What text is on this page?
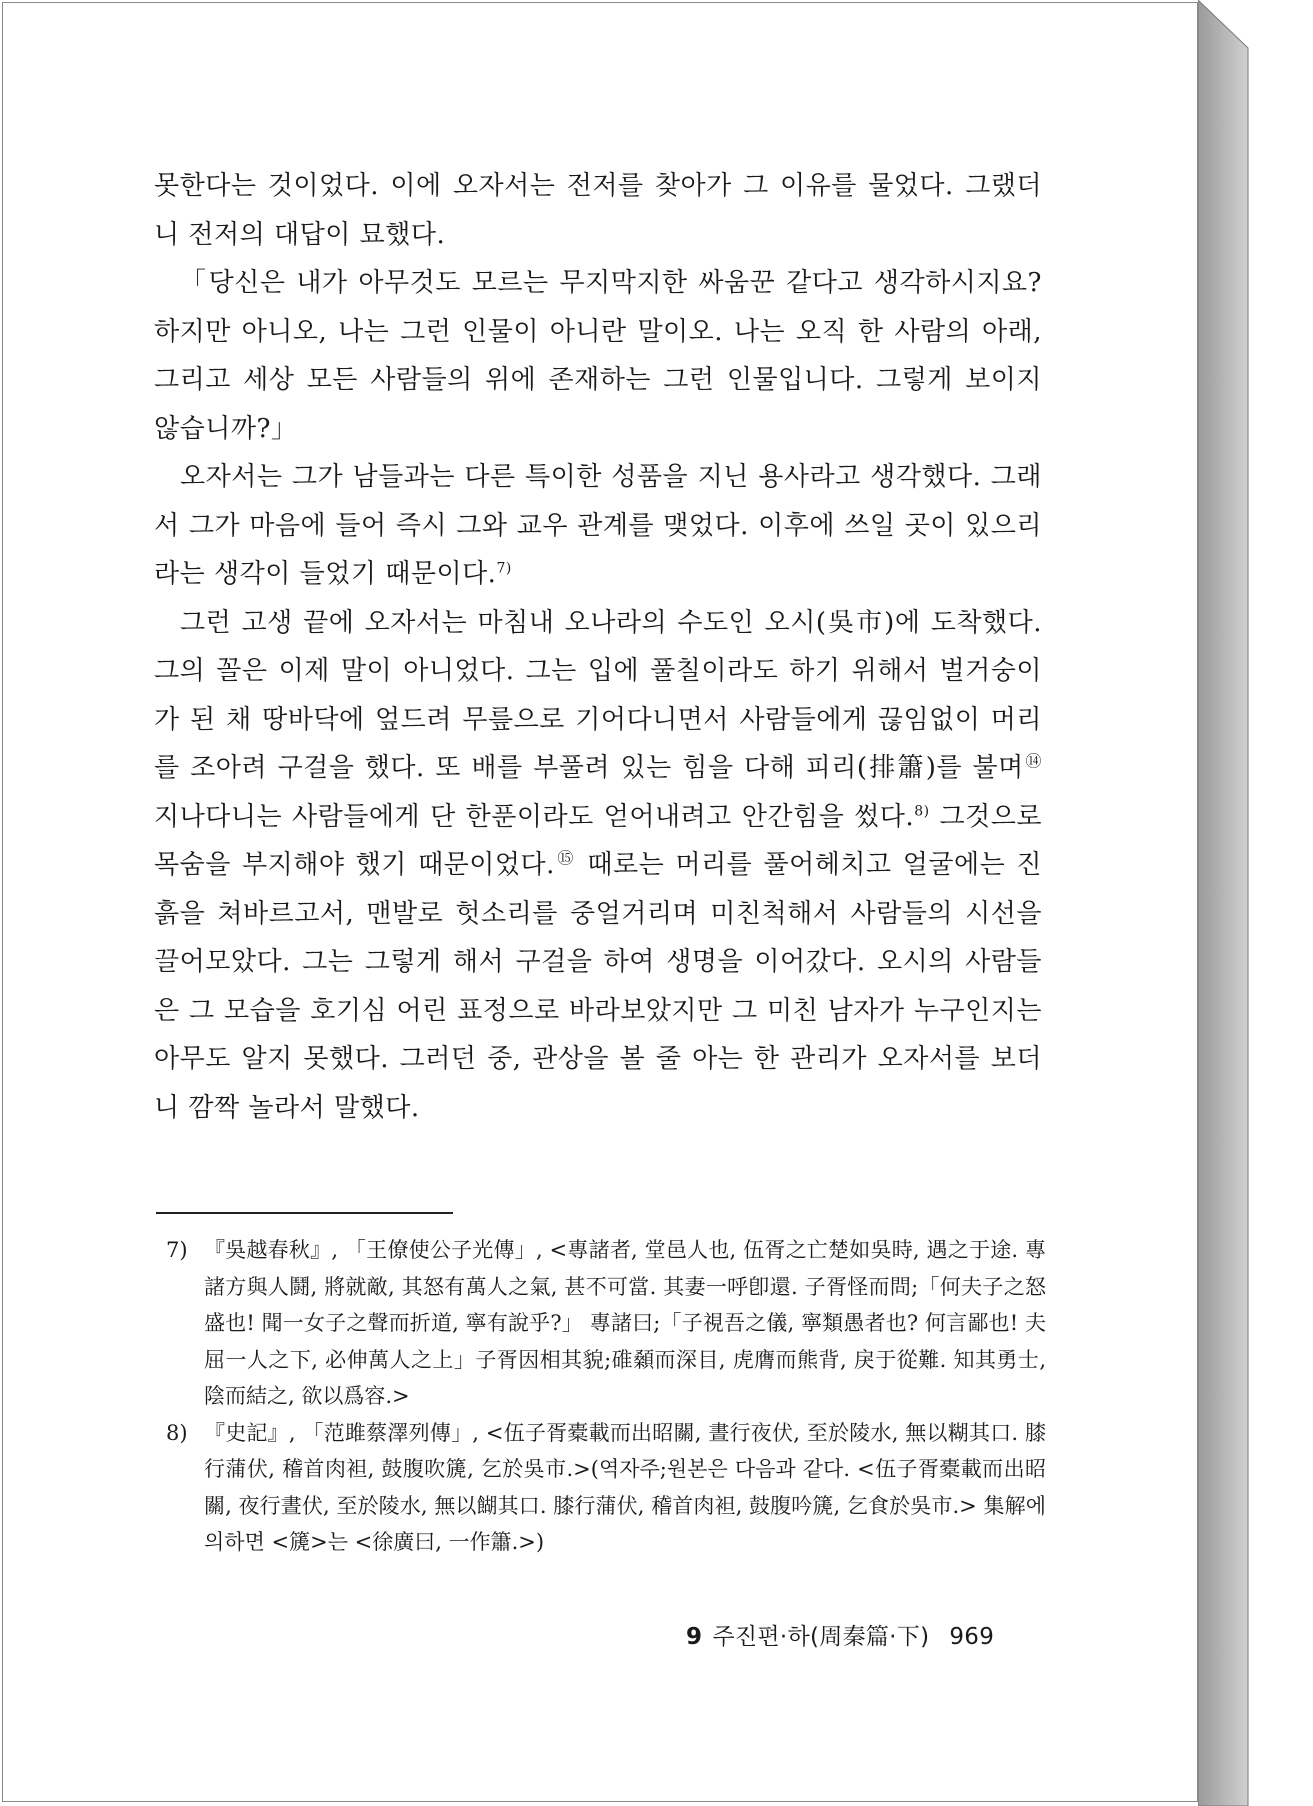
못한다는 것이었다. 이에 오자서는 전저를 찾아가 그 이유를 물었다. 그랬더니 전저의 대답이 묘했다.

「당신은 내가 아무것도 모르는 무지막지한 싸움꾼 같다고 생각하시지요? 하지만 아니오, 나는 그런 인물이 아니란 말이오. 나는 오직 한 사람의 아래, 그리고 세상 모든 사람들의 위에 존재하는 그런 인물입니다. 그렇게 보이지 않습니까?」

오자서는 그가 남들과는 다른 특이한 성품을 지닌 용사라고 생각했다. 그래서 그가 마음에 들어 즉시 그와 교우 관계를 맺었다. 이후에 쓰일 곳이 있으리라는 생각이 들었기 때문이다.$^{7)}$

그런 고생 끝에 오자서는 마침내 오나라의 수도인 오시(吳市)에 도착했다. 그의 꼴은 이제 말이 아니었다. 그는 입에 풀칠이라도 하기 위해서 벌거숭이가 된 채 땅바닥에 엎드려 무릎으로 기어다니면서 사람들에게 끊임없이 머리를 조아려 구걸을 했다. 또 배를 부풀려 있는 힘을 다해 피리(排簫)를 불며⑭ 지나다니는 사람들에게 단 한푼이라도 얻어내려고 안간힘을 썼다.$^{8)}$ 그것으로 목숨을 부지해야 했기 때문이었다.⑮ 때로는 머리를 풀어헤치고 얼굴에는 진흙을 쳐바르고서, 맨발로 헛소리를 중얼거리며 미친척해서 사람들의 시선을 끌어모았다. 그는 그렇게 해서 구걸을 하여 생명을 이어갔다. 오시의 사람들은 그 모습을 호기심 어린 표정으로 바라보았지만 그 미친 남자가 누구인지는 아무도 알지 못했다. 그러던 중, 관상을 볼 줄 아는 한 관리가 오자서를 보더니 깜짝 놀라서 말했다.

7) 『吳越春秋』, 「王僚使公子光傳」, <專諸者, 堂邑人也, 伍胥之亡楚如吳時, 遇之于途. 專諸方與人鬪, 將就敵, 其怒有萬人之氣, 甚不可當. 其妻一呼卽還. 子胥怪而問;「何夫子之怒盛也! 聞一女子之聲而折道, 寧有說乎?」 專諸曰;「子視吾之儀, 寧類愚者也? 何言鄙也! 夫屈一人之下, 必伸萬人之上」子胥因相其貌;碓顙而深目, 虎膺而熊背, 戾于從難. 知其勇士, 陰而結之, 欲以爲容.>
8) 『史記』, 「范雎蔡澤列傳」, <伍子胥橐載而出昭關, 晝行夜伏, 至於陵水, 無以糊其口. 膝行蒲伏, 稽首肉袒, 鼓腹吹篪, 乞於吳市.>(역자주;원본은 다음과 같다. <伍子胥橐載而出昭關, 夜行晝伏, 至於陵水, 無以餬其口. 膝行蒲伏, 稽首肉袒, 鼓腹吟篪, 乞食於吳市.> 集解에 의하면 <篪>는 <徐廣曰, 一作簫.>)
9 주진편·하(周秦篇·下) 969
